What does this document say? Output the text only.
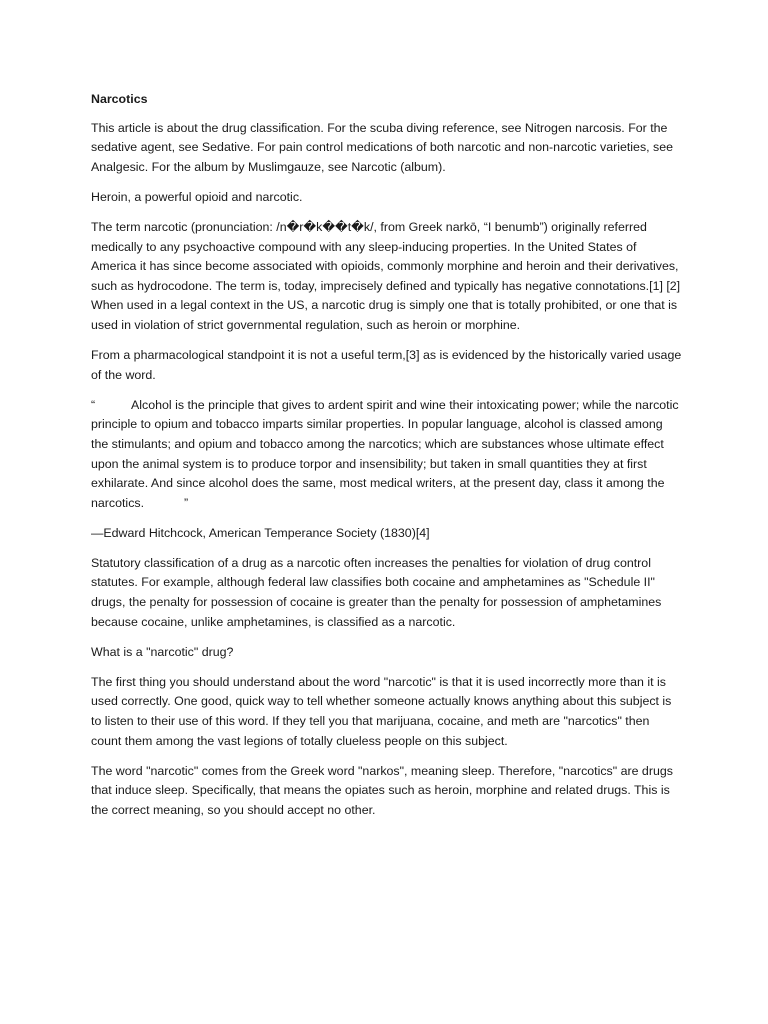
Narcotics

This article is about the drug classification. For the scuba diving reference, see Nitrogen narcosis. For the sedative agent, see Sedative. For pain control medications of both narcotic and non-narcotic varieties, see Analgesic. For the album by Muslimgauze, see Narcotic (album).

Heroin, a powerful opioid and narcotic.

The term narcotic (pronunciation: /n�r�k��t�k/, from Greek narkō, “I benumb”) originally referred medically to any psychoactive compound with any sleep-inducing properties. In the United States of America it has since become associated with opioids, commonly morphine and heroin and their derivatives, such as hydrocodone. The term is, today, imprecisely defined and typically has negative connotations.[1] [2] When used in a legal context in the US, a narcotic drug is simply one that is totally prohibited, or one that is used in violation of strict governmental regulation, such as heroin or morphine.

From a pharmacological standpoint it is not a useful term,[3] as is evidenced by the historically varied usage of the word.

“	Alcohol is the principle that gives to ardent spirit and wine their intoxicating power; while the narcotic principle to opium and tobacco imparts similar properties. In popular language, alcohol is classed among the stimulants; and opium and tobacco among the narcotics; which are substances whose ultimate effect upon the animal system is to produce torpor and insensibility; but taken in small quantities they at first exhilarate. And since alcohol does the same, most medical writers, at the present day, class it among the narcotics.	”

—Edward Hitchcock, American Temperance Society (1830)[4]

Statutory classification of a drug as a narcotic often increases the penalties for violation of drug control statutes. For example, although federal law classifies both cocaine and amphetamines as "Schedule II" drugs, the penalty for possession of cocaine is greater than the penalty for possession of amphetamines because cocaine, unlike amphetamines, is classified as a narcotic.

What is a "narcotic" drug?

The first thing you should understand about the word "narcotic" is that it is used incorrectly more than it is used correctly. One good, quick way to tell whether someone actually knows anything about this subject is to listen to their use of this word. If they tell you that marijuana, cocaine, and meth are "narcotics" then count them among the vast legions of totally clueless people on this subject.

The word "narcotic" comes from the Greek word "narkos", meaning sleep. Therefore, "narcotics" are drugs that induce sleep. Specifically, that means the opiates such as heroin, morphine and related drugs. This is the correct meaning, so you should accept no other.
